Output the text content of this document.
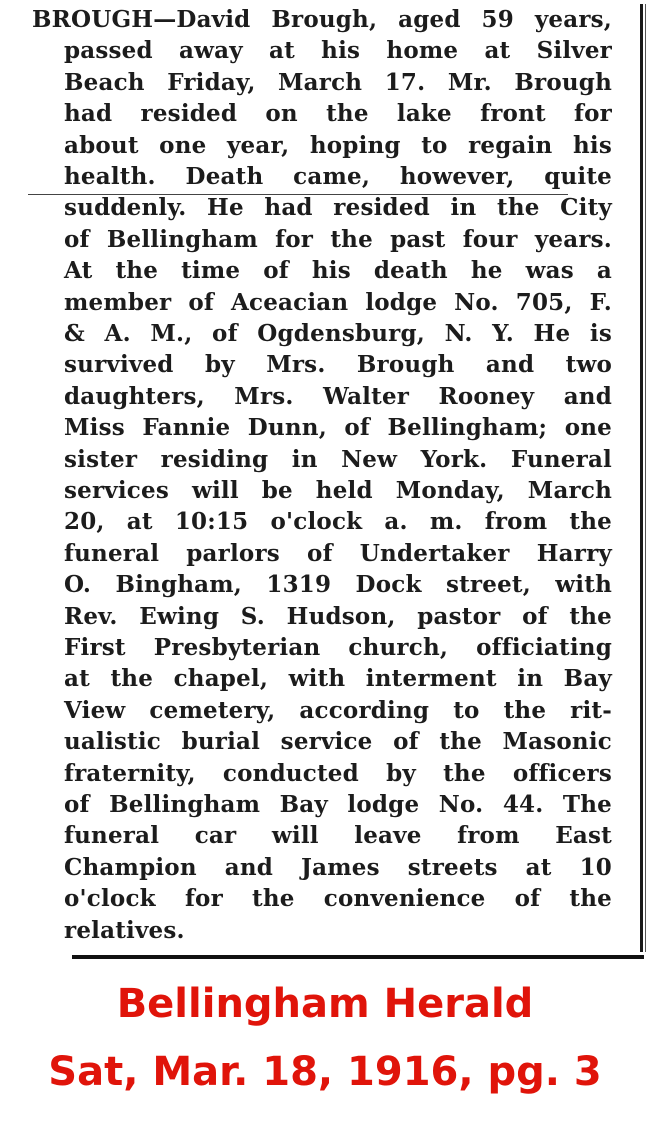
BROUGH—David Brough, aged 59 years,
passed away at his home at Silver
Beach Friday, March 17. Mr. Brough
had resided on the lake front for
about one year, hoping to regain his
health. Death came, however, quite
suddenly. He had resided in the City
of Bellingham for the past four years.
At the time of his death he was a
member of Aceacian lodge No. 705, F.
& A. M., of Ogdensburg, N. Y. He is
survived by Mrs. Brough and two
daughters, Mrs. Walter Rooney and
Miss Fannie Dunn, of Bellingham; one
sister residing in New York. Funeral
services will be held Monday, March
20, at 10:15 o'clock a. m. from the
funeral parlors of Undertaker Harry
O. Bingham, 1319 Dock street, with
Rev. Ewing S. Hudson, pastor of the
First Presbyterian church, officiating
at the chapel, with interment in Bay
View cemetery, according to the rit-
ualistic burial service of the Masonic
fraternity, conducted by the officers
of Bellingham Bay lodge No. 44. The
funeral car will leave from East
Champion and James streets at 10
o'clock for the convenience of the
relatives.
Bellingham Herald
Sat, Mar. 18, 1916, pg. 3
